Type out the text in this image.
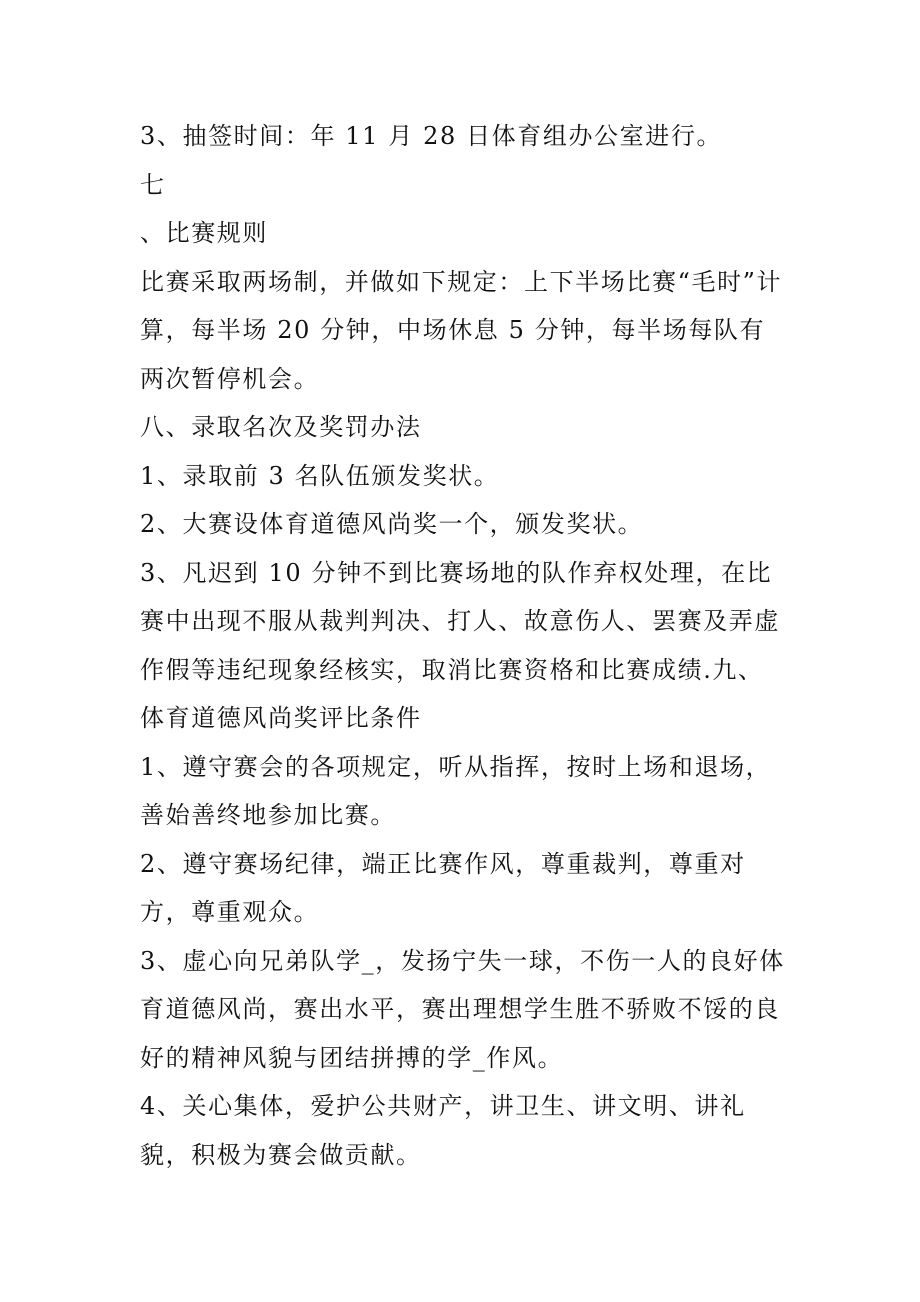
3、抽签时间：年 11 月 28 日体育组办公室进行。

七

、比赛规则

比赛采取两场制，并做如下规定：上下半场比赛“毛时”计算，每半场 20 分钟，中场休息 5 分钟，每半场每队有两次暂停机会。

八、录取名次及奖罚办法

1、录取前 3 名队伍颁发奖状。

2、大赛设体育道德风尚奖一个，颁发奖状。

3、凡迟到 10 分钟不到比赛场地的队作弃权处理，在比赛中出现不服从裁判判决、打人、故意伤人、罢赛及弄虚作假等违纪现象经核实，取消比赛资格和比赛成绩.九、体育道德风尚奖评比条件

1、遵守赛会的各项规定，听从指挥，按时上场和退场，善始善终地参加比赛。

2、遵守赛场纪律，端正比赛作风，尊重裁判，尊重对方，尊重观众。

3、虚心向兄弟队学_，发扬宁失一球，不伤一人的良好体育道德风尚，赛出水平，赛出理想学生胜不骄败不馁的良好的精神风貌与团结拼搏的学_作风。

4、关心集体，爱护公共财产，讲卫生、讲文明、讲礼貌，积极为赛会做贡献。
